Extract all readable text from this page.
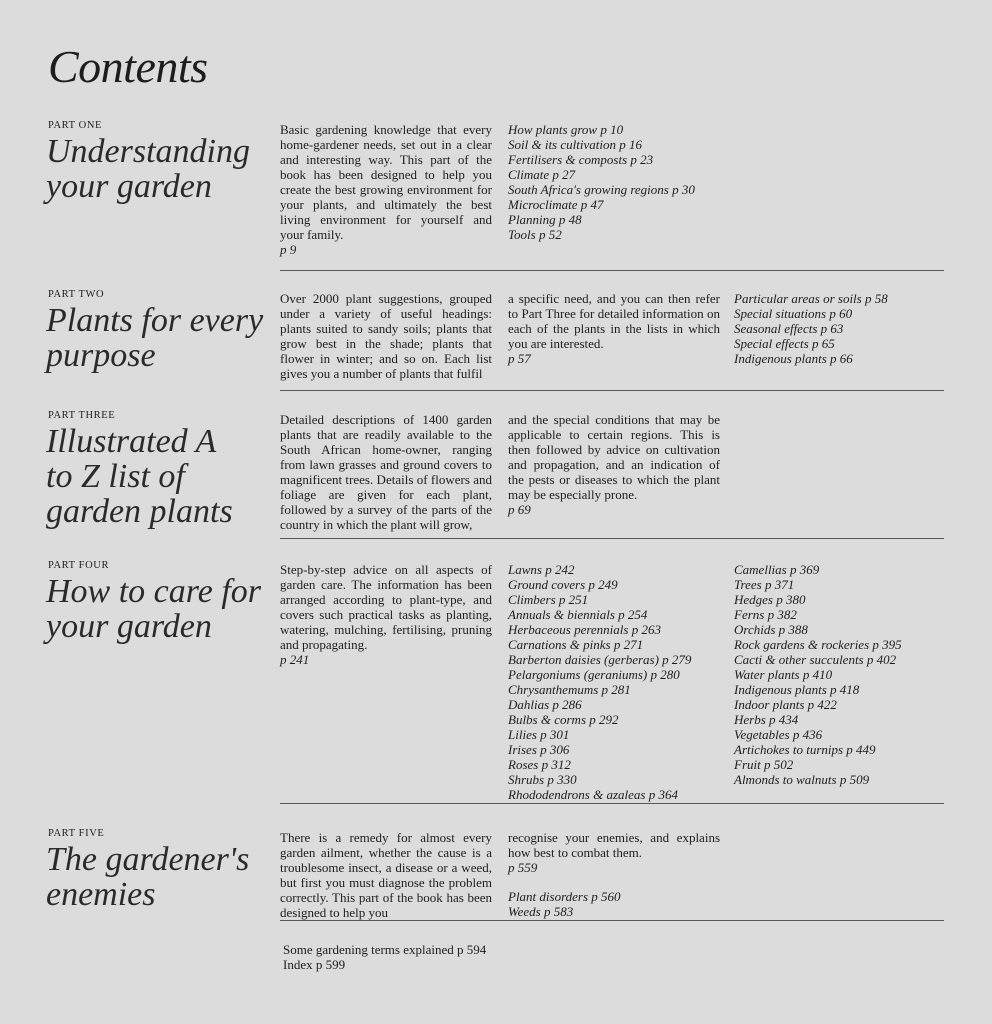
Contents
PART ONE
Understanding your garden
Basic gardening knowledge that every home-gardener needs, set out in a clear and interesting way. This part of the book has been designed to help you create the best growing environment for your plants, and ultimately the best living environment for yourself and your family.
p 9
How plants grow p 10
Soil & its cultivation p 16
Fertilisers & composts p 23
Climate p 27
South Africa's growing regions p 30
Microclimate p 47
Planning p 48
Tools p 52
PART TWO
Plants for every purpose
Over 2000 plant suggestions, grouped under a variety of useful headings: plants suited to sandy soils; plants that grow best in the shade; plants that flower in winter; and so on. Each list gives you a number of plants that fulfil
a specific need, and you can then refer to Part Three for detailed information on each of the plants in the lists in which you are interested.
p 57
Particular areas or soils p 58
Special situations p 60
Seasonal effects p 63
Special effects p 65
Indigenous plants p 66
PART THREE
Illustrated A to Z list of garden plants
Detailed descriptions of 1400 garden plants that are readily available to the South African home-owner, ranging from lawn grasses and ground covers to magnificent trees. Details of flowers and foliage are given for each plant, followed by a survey of the parts of the country in which the plant will grow,
and the special conditions that may be applicable to certain regions. This is then followed by advice on cultivation and propagation, and an indication of the pests or diseases to which the plant may be especially prone.
p 69
PART FOUR
How to care for your garden
Step-by-step advice on all aspects of garden care. The information has been arranged according to plant-type, and covers such practical tasks as planting, watering, mulching, fertilising, pruning and propagating.
p 241
Lawns p 242
Ground covers p 249
Climbers p 251
Annuals & biennials p 254
Herbaceous perennials p 263
Carnations & pinks p 271
Barberton daisies (gerberas) p 279
Pelargoniums (geraniums) p 280
Chrysanthemums p 281
Dahlias p 286
Bulbs & corms p 292
Lilies p 301
Irises p 306
Roses p 312
Shrubs p 330
Rhododendrons & azaleas p 364
Camellias p 369
Trees p 371
Hedges p 380
Ferns p 382
Orchids p 388
Rock gardens & rockeries p 395
Cacti & other succulents p 402
Water plants p 410
Indigenous plants p 418
Indoor plants p 422
Herbs p 434
Vegetables p 436
Artichokes to turnips p 449
Fruit p 502
Almonds to walnuts p 509
PART FIVE
The gardener's enemies
There is a remedy for almost every garden ailment, whether the cause is a troublesome insect, a disease or a weed, but first you must diagnose the problem correctly. This part of the book has been designed to help you
recognise your enemies, and explains how best to combat them.
p 559
Plant disorders p 560
Weeds p 583
Some gardening terms explained p 594
Index p 599
